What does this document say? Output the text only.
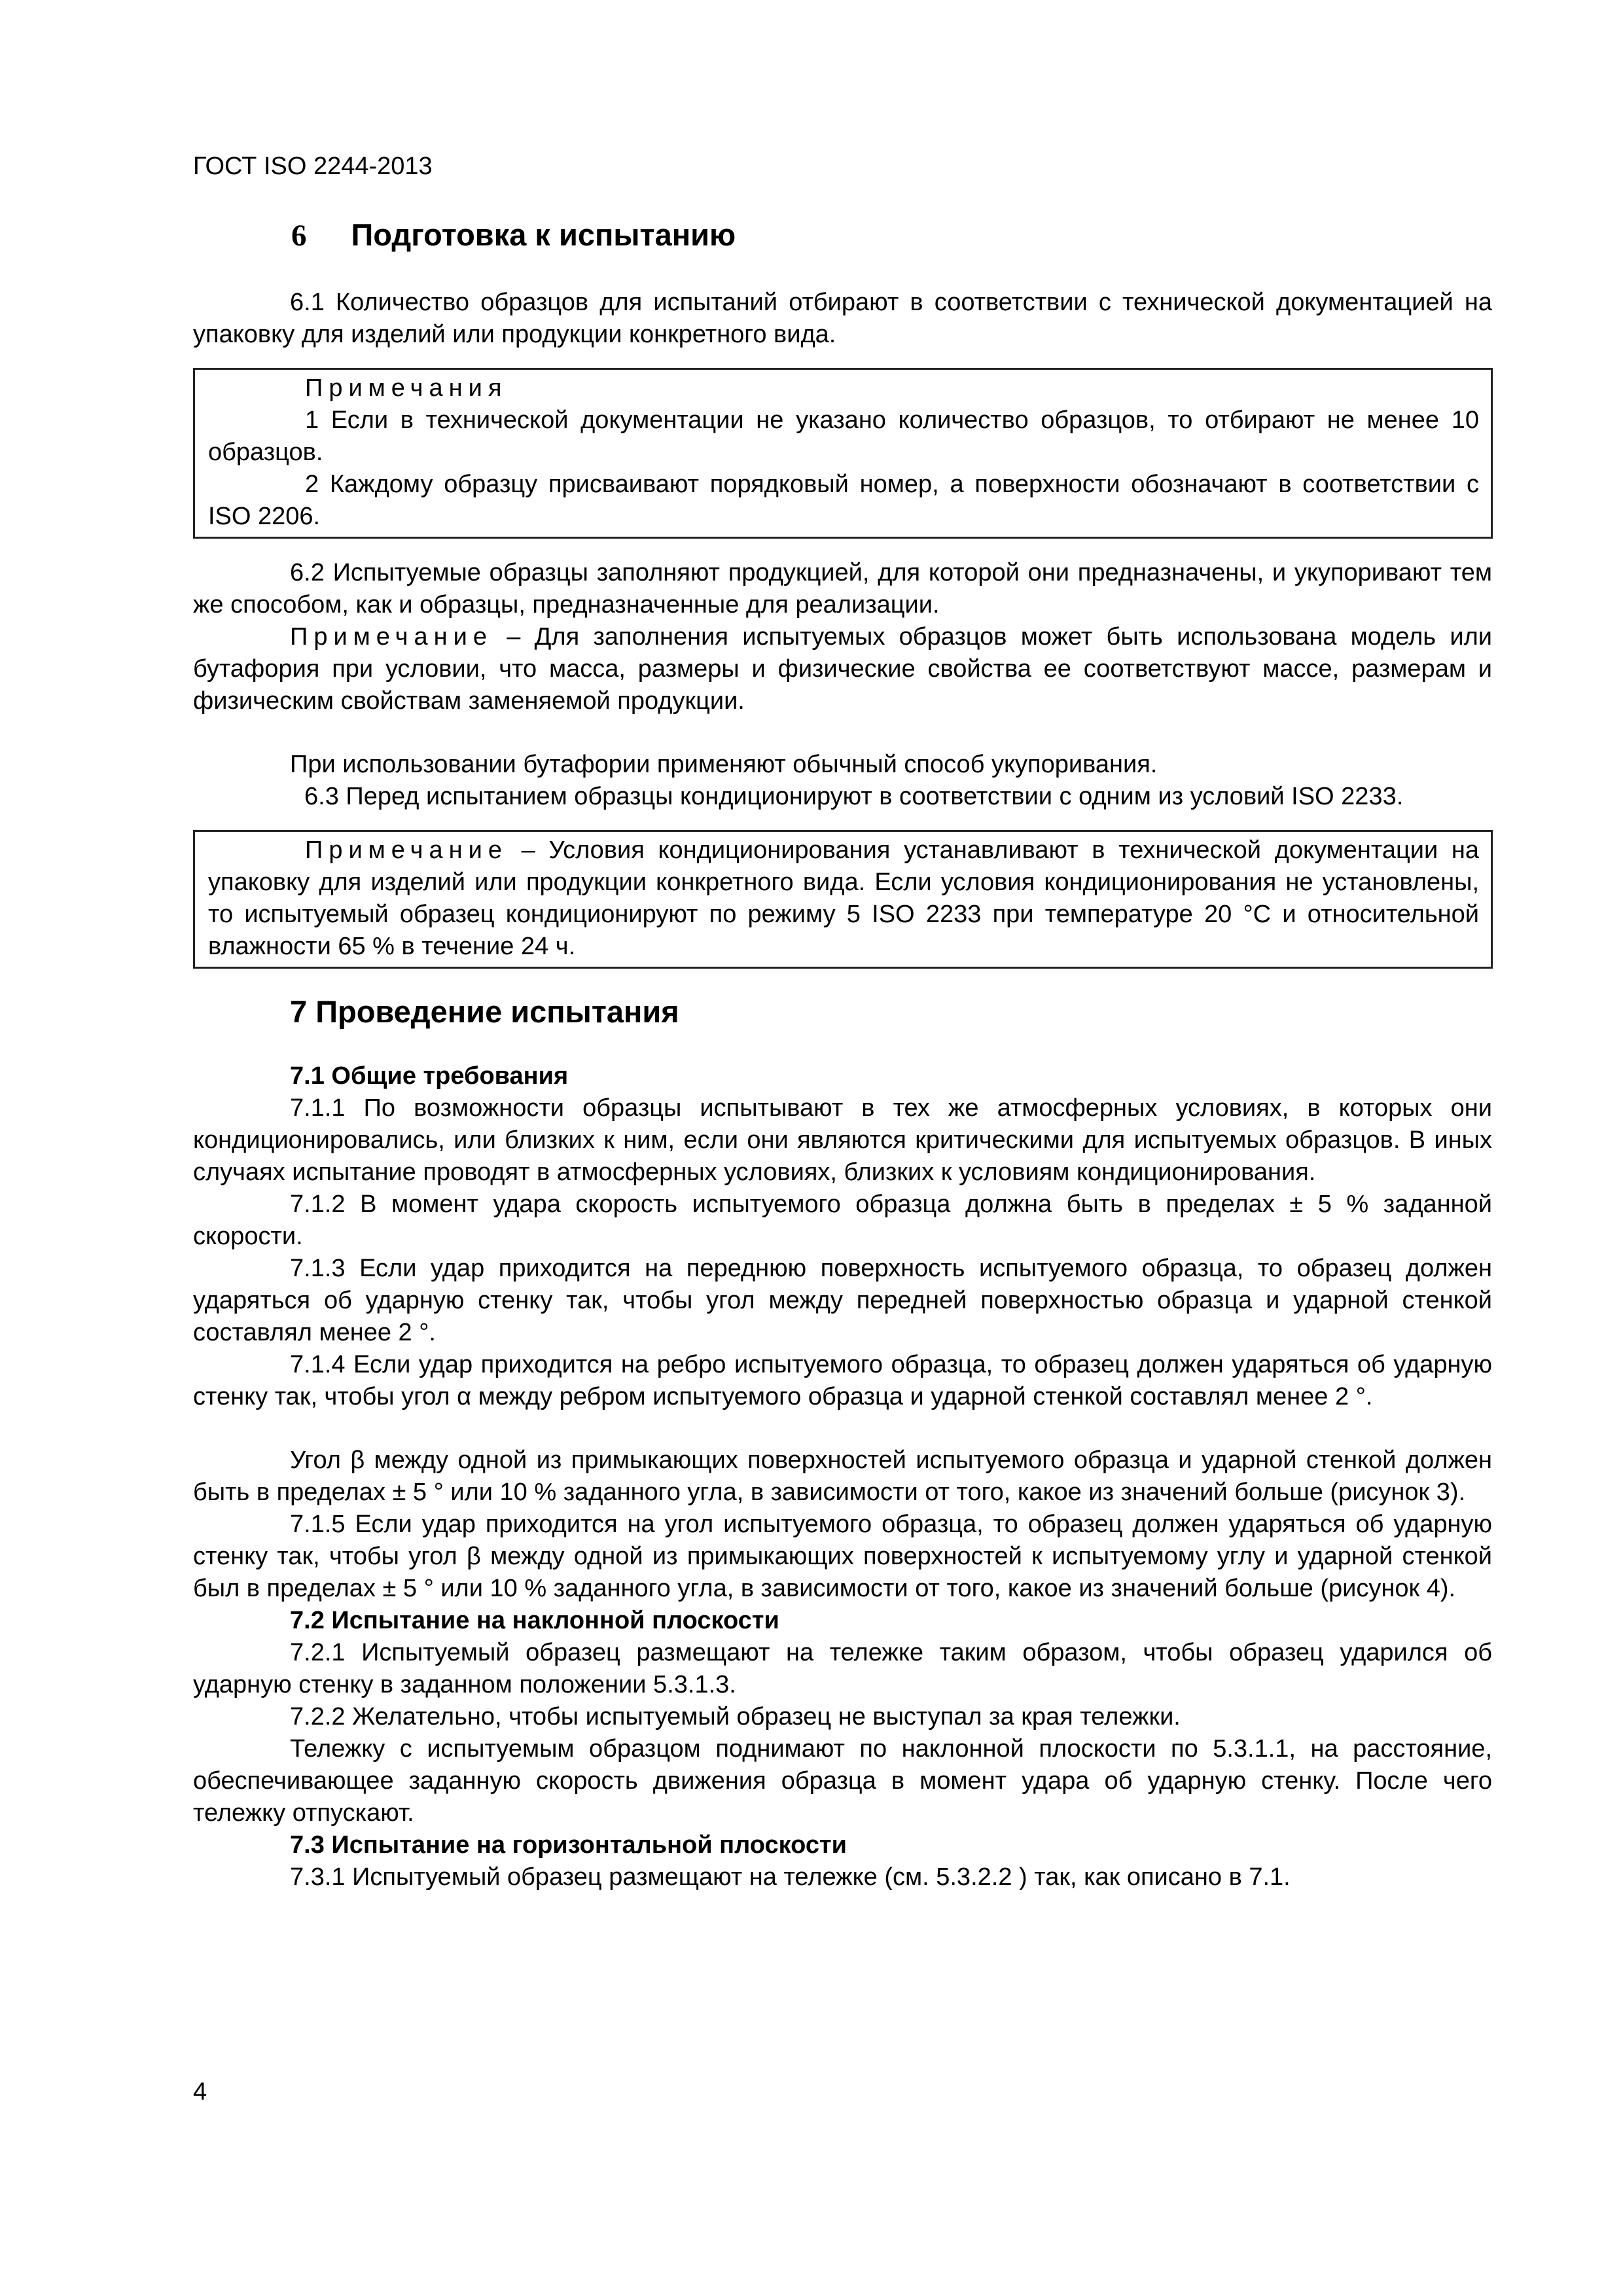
ГОСТ ISO 2244-2013
6 Подготовка к испытанию

6.1 Количество образцов для испытаний отбирают в соответствии с технической документацией на упаковку для изделий или продукции конкретного вида.

Примечания

1 Если в технической документации не указано количество образцов, то отбирают не менее 10 образцов.

2 Каждому образцу присваивают порядковый номер, а поверхности обозначают в соответствии с ISO 2206.

6.2 Испытуемые образцы заполняют продукцией, для которой они предназначены, и укупоривают тем же способом, как и образцы, предназначенные для реализации.

Примечание – Для заполнения испытуемых образцов может быть использована модель или бутафория при условии, что масса, размеры и физические свойства ее соответствуют массе, размерам и физическим свойствам заменяемой продукции.

При использовании бутафории применяют обычный способ укупоривания.

6.3 Перед испытанием образцы кондиционируют в соответствии с одним из условий ISO 2233.

Примечание – Условия кондиционирования устанавливают в технической документации на упаковку для изделий или продукции конкретного вида. Если условия кондиционирования не установлены, то испытуемый образец кондиционируют по режиму 5 ISO 2233 при температуре 20 °С и относительной влажности 65 % в течение 24 ч.

7 Проведение испытания
7.1 Общие требования

7.1.1 По возможности образцы испытывают в тех же атмосферных условиях, в которых они кондиционировались, или близких к ним, если они являются критическими для испытуемых образцов. В иных случаях испытание проводят в атмосферных условиях, близких к условиям кондиционирования.

7.1.2 В момент удара скорость испытуемого образца должна быть в пределах ± 5 % заданной скорости.

7.1.3 Если удар приходится на переднюю поверхность испытуемого образца, то образец должен ударяться об ударную стенку так, чтобы угол между передней поверхностью образца и ударной стенкой составлял менее 2 °.

7.1.4 Если удар приходится на ребро испытуемого образца, то образец должен ударяться об ударную стенку так, чтобы угол α между ребром испытуемого образца и ударной стенкой составлял менее 2 °.

Угол β между одной из примыкающих поверхностей испытуемого образца и ударной стенкой должен быть в пределах ± 5 ° или 10 % заданного угла, в зависимости от того, какое из значений больше (рисунок 3).

7.1.5 Если удар приходится на угол испытуемого образца, то образец должен ударяться об ударную стенку так, чтобы угол β между одной из примыкающих поверхностей к испытуемому углу и ударной стенкой был в пределах ± 5 ° или 10 % заданного угла, в зависимости от того, какое из значений больше (рисунок 4).

7.2 Испытание на наклонной плоскости

7.2.1 Испытуемый образец размещают на тележке таким образом, чтобы образец ударился об ударную стенку в заданном положении 5.3.1.3.

7.2.2 Желательно, чтобы испытуемый образец не выступал за края тележки.

Тележку с испытуемым образцом поднимают по наклонной плоскости по 5.3.1.1, на расстояние, обеспечивающее заданную скорость движения образца в момент удара об ударную стенку. После чего тележку отпускают.

7.3 Испытание на горизонтальной плоскости

7.3.1 Испытуемый образец размещают на тележке (см. 5.3.2.2 ) так, как описано в 7.1.

4
